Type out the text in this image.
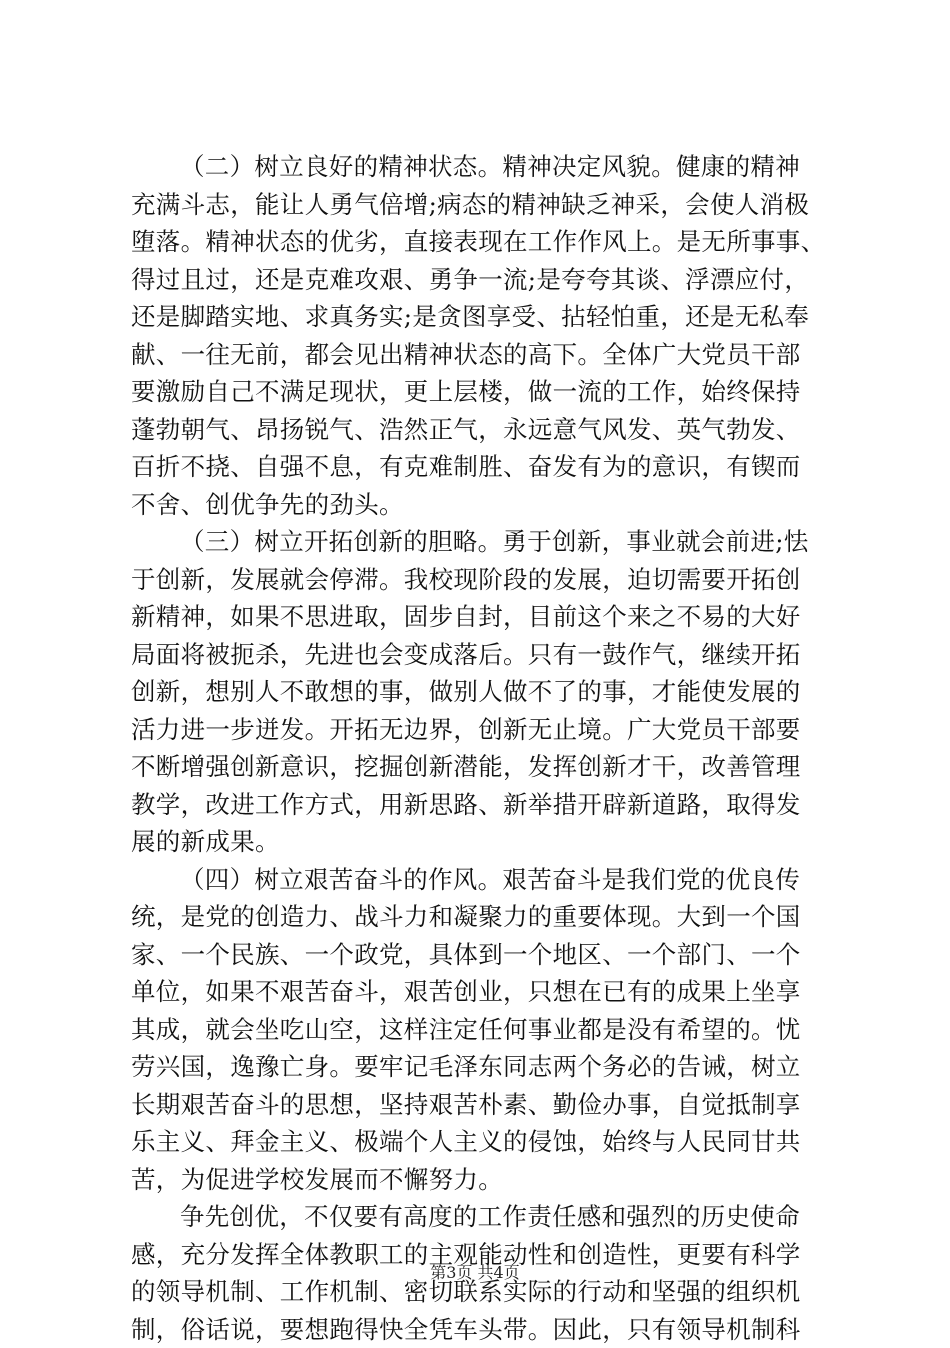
（二）树立良好的精神状态。精神决定风貌。健康的精神
充满斗志，能让人勇气倍增;病态的精神缺乏神采，会使人消极
堕落。精神状态的优劣，直接表现在工作作风上。是无所事事、
得过且过，还是克难攻艰、勇争一流;是夸夸其谈、浮漂应付，
还是脚踏实地、求真务实;是贪图享受、拈轻怕重，还是无私奉
献、一往无前，都会见出精神状态的高下。全体广大党员干部
要激励自己不满足现状，更上层楼，做一流的工作，始终保持
蓬勃朝气、昂扬锐气、浩然正气，永远意气风发、英气勃发、
百折不挠、自强不息，有克难制胜、奋发有为的意识，有锲而
不舍、创优争先的劲头。
（三）树立开拓创新的胆略。勇于创新，事业就会前进;怯
于创新，发展就会停滞。我校现阶段的发展，迫切需要开拓创
新精神，如果不思进取，固步自封，目前这个来之不易的大好
局面将被扼杀，先进也会变成落后。只有一鼓作气，继续开拓
创新，想别人不敢想的事，做别人做不了的事，才能使发展的
活力进一步迸发。开拓无边界，创新无止境。广大党员干部要
不断增强创新意识，挖掘创新潜能，发挥创新才干，改善管理
教学，改进工作方式，用新思路、新举措开辟新道路，取得发
展的新成果。
（四）树立艰苦奋斗的作风。艰苦奋斗是我们党的优良传
统，是党的创造力、战斗力和凝聚力的重要体现。大到一个国
家、一个民族、一个政党，具体到一个地区、一个部门、一个
单位，如果不艰苦奋斗，艰苦创业，只想在已有的成果上坐享
其成，就会坐吃山空，这样注定任何事业都是没有希望的。忧
劳兴国，逸豫亡身。要牢记毛泽东同志两个务必的告诫，树立
长期艰苦奋斗的思想，坚持艰苦朴素、勤俭办事，自觉抵制享
乐主义、拜金主义、极端个人主义的侵蚀，始终与人民同甘共
苦，为促进学校发展而不懈努力。
争先创优，不仅要有高度的工作责任感和强烈的历史使命
感，充分发挥全体教职工的主观能动性和创造性，更要有科学
的领导机制、工作机制、密切联系实际的行动和坚强的组织机
制，俗话说，要想跑得快全凭车头带。因此，只有领导机制科
第3页 共4页
